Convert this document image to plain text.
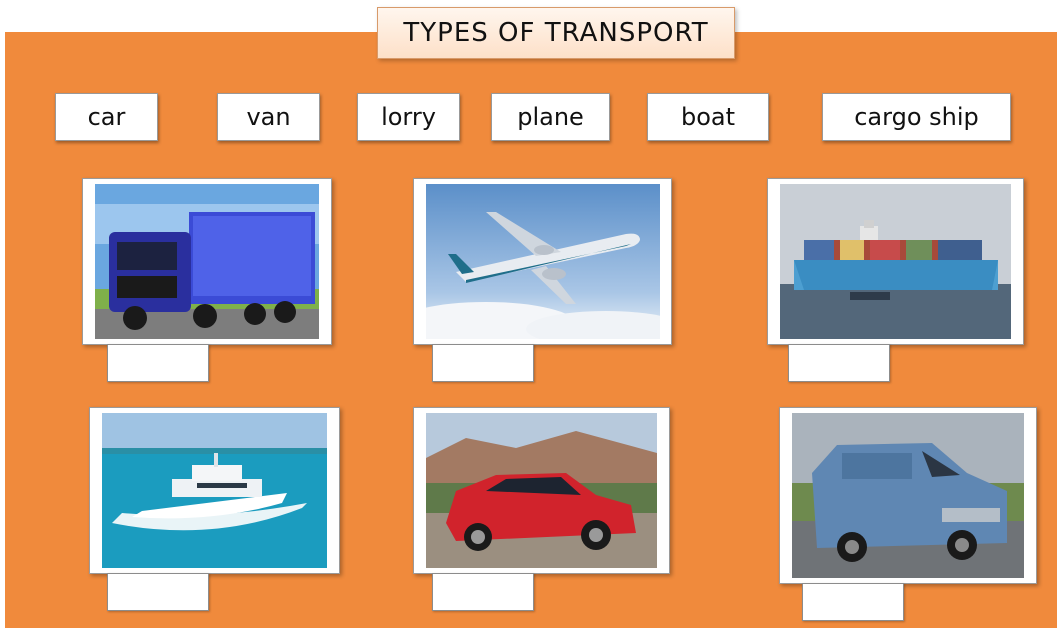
TYPES OF TRANSPORT
car	van	lorry	plane	boat	cargo ship
